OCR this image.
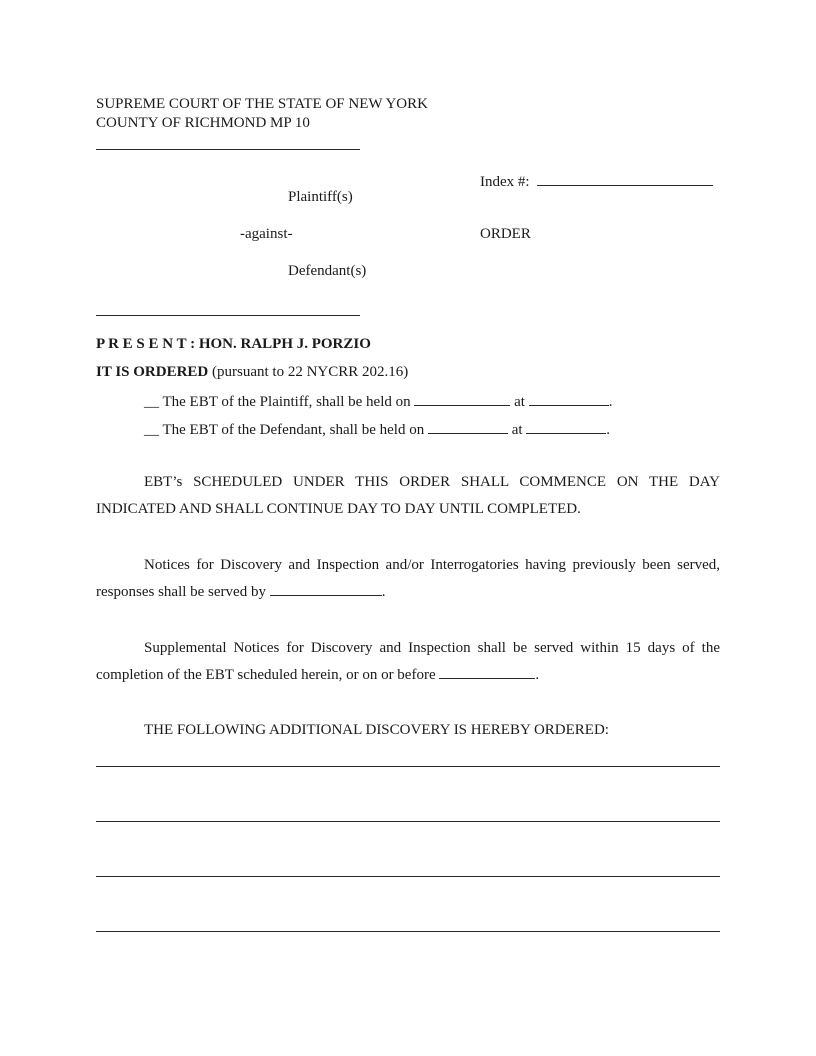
SUPREME COURT OF THE STATE OF NEW YORK
COUNTY OF RICHMOND MP 10
Index #:
Plaintiff(s)
-against-	ORDER
Defendant(s)
P R E S E N T : HON. RALPH J. PORZIO
IT IS ORDERED (pursuant to 22 NYCRR 202.16)
__ The EBT of the Plaintiff, shall be held on	at	.
__ The EBT of the Defendant, shall be held on	at	.
EBT’s SCHEDULED UNDER THIS ORDER SHALL COMMENCE ON THE DAY
INDICATED AND SHALL CONTINUE DAY TO DAY UNTIL COMPLETED.
Notices for Discovery and Inspection and/or Interrogatories having previously been served, responses shall be served by	.
Supplemental Notices for Discovery and Inspection shall be served within 15 days of the completion of the EBT scheduled herein, or on or before	.
THE FOLLOWING ADDITIONAL DISCOVERY IS HEREBY ORDERED:
